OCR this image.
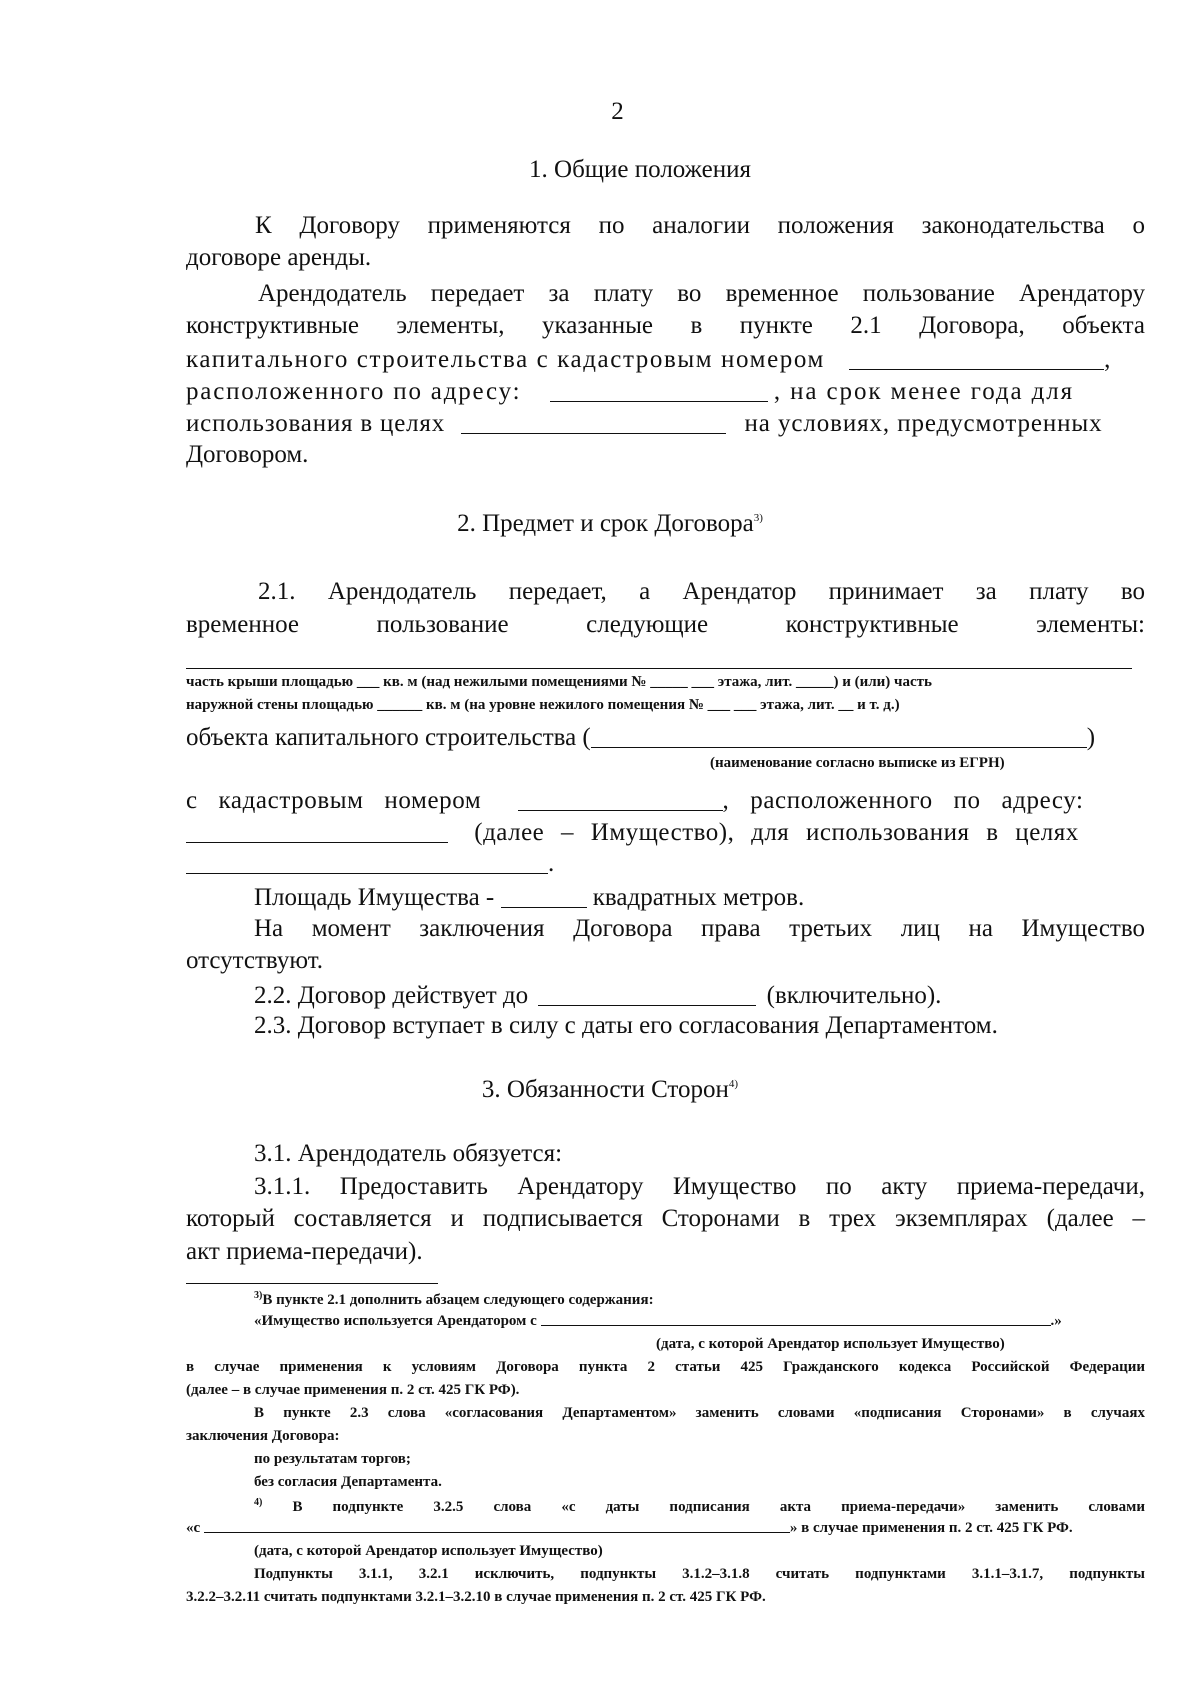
2
1. Общие положения
К Договору применяются по аналогии положения законодательства о
договоре аренды.
Арендодатель передает за плату во временное пользование Арендатору
конструктивные элементы, указанные в пункте 2.1 Договора, объекта
капитального строительства с кадастровым номером	,
расположенного по адресу:	, на срок менее года для
использования в целях	на условиях, предусмотренных
Договором.
2. Предмет и срок Договора$^{3)}$
2.1. Арендодатель передает, а Арендатор принимает за плату во
временное пользование следующие конструктивные элементы:
часть крыши площадью ___ кв. м (над нежилыми помещениями № _____ ___ этажа, лит. _____) и (или) часть
наружной стены площадью ______ кв. м (на уровне нежилого помещения № ___ ___ этажа, лит. __ и т. д.)
объекта капитального строительства (	)
(наименование согласно выписке из ЕГРН)
с кадастровым номером	, расположенного по адресу:
(далее – Имущество), для использования в целях
.
Площадь Имущества -	квадратных метров.
На момент заключения Договора права третьих лиц на Имущество
отсутствуют.
2.2. Договор действует до	(включительно).
2.3. Договор вступает в силу с даты его согласования Департаментом.
3. Обязанности Сторон$^{4)}$
3.1. Арендодатель обязуется:
3.1.1. Предоставить Арендатору Имущество по акту приема-передачи,
который составляется и подписывается Сторонами в трех экземплярах (далее –
акт приема-передачи).
$^{3)}$В пункте 2.1 дополнить абзацем следующего содержания:
«Имущество используется Арендатором с	.»
(дата, с которой Арендатор использует Имущество)
в случае применения к условиям Договора пункта 2 статьи 425 Гражданского кодекса Российской Федерации
(далее – в случае применения п. 2 ст. 425 ГК РФ).
В пункте 2.3 слова «согласования Департаментом» заменить словами «подписания Сторонами» в случаях
заключения Договора:
по результатам торгов;
без согласия Департамента.
$^{4)}$ В подпункте 3.2.5 слова «с даты подписания акта приема-передачи» заменить словами
«с	» в случае применения п. 2 ст. 425 ГК РФ.
(дата, с которой Арендатор использует Имущество)
Подпункты 3.1.1, 3.2.1 исключить, подпункты 3.1.2–3.1.8 считать подпунктами 3.1.1–3.1.7, подпункты
3.2.2–3.2.11 считать подпунктами 3.2.1–3.2.10 в случае применения п. 2 ст. 425 ГК РФ.
